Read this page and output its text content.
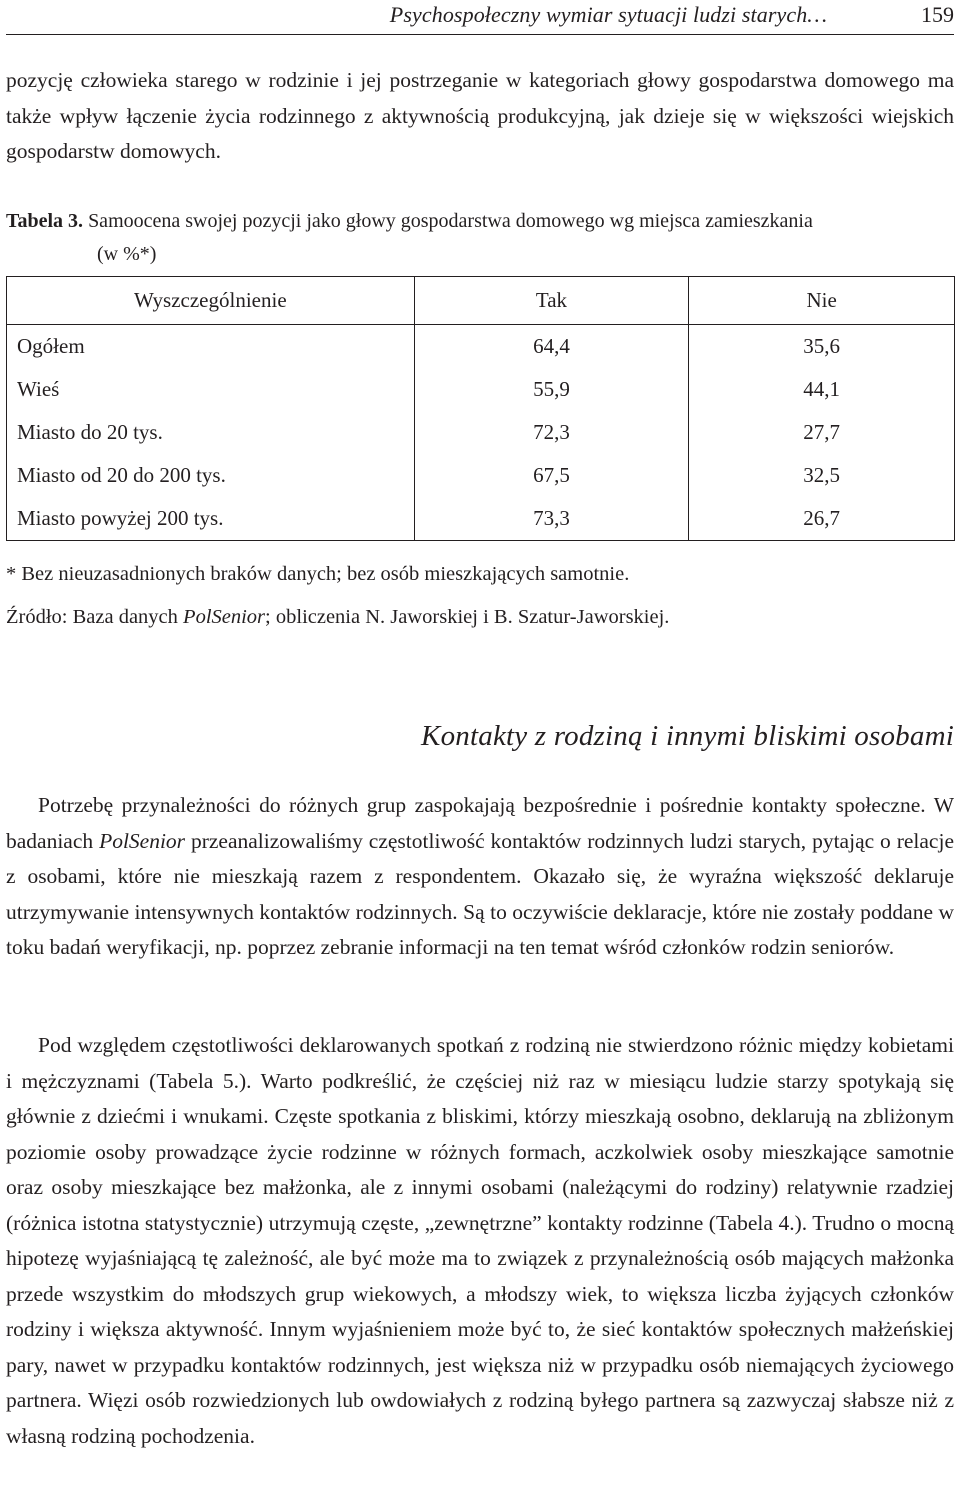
Psychospołeczny wymiar sytuacji ludzi starych…	159

pozycję człowieka starego w rodzinie i jej postrzeganie w kategoriach głowy gospodarstwa domowego ma także wpływ łączenie życia rodzinnego z aktywnością produkcyjną, jak dzieje się w większości wiejskich gospodarstw domowych.

Tabela 3. Samoocena swojej pozycji jako głowy gospodarstwa domowego wg miejsca zamieszkania
(w %*)
Wyszczególnienie	Tak	Nie
Ogółem	64,4	35,6
Wieś	55,9	44,1
Miasto do 20 tys.	72,3	27,7
Miasto od 20 do 200 tys.	67,5	32,5
Miasto powyżej 200 tys.	73,3	26,7
* Bez nieuzasadnionych braków danych; bez osób mieszkających samotnie.
Źródło: Baza danych PolSenior; obliczenia N. Jaworskiej i B. Szatur-Jaworskiej.
Kontakty z rodziną i innymi bliskimi osobami

Potrzebę przynależności do różnych grup zaspokajają bezpośrednie i pośrednie kontakty społeczne. W badaniach PolSenior przeanalizowaliśmy częstotliwość kontaktów rodzinnych ludzi starych, pytając o relacje z osobami, które nie mieszkają razem z respondentem. Okazało się, że wyraźna większość deklaruje utrzymywanie intensywnych kontaktów rodzinnych. Są to oczywiście deklaracje, które nie zostały poddane w toku badań weryfikacji, np. poprzez zebranie informacji na ten temat wśród członków rodzin seniorów.

Pod względem częstotliwości deklarowanych spotkań z rodziną nie stwierdzono różnic między kobietami i mężczyznami (Tabela 5.). Warto podkreślić, że częściej niż raz w miesiącu ludzie starzy spotykają się głównie z dziećmi i wnukami. Częste spotkania z bliskimi, którzy mieszkają osobno, deklarują na zbliżonym poziomie osoby prowadzące życie rodzinne w różnych formach, aczkolwiek osoby mieszkające samotnie oraz osoby mieszkające bez małżonka, ale z innymi osobami (należącymi do rodziny) relatywnie rzadziej (różnica istotna statystycznie) utrzymują częste, „zewnętrzne” kontakty rodzinne (Tabela 4.). Trudno o mocną hipotezę wyjaśniającą tę zależność, ale być może ma to związek z przynależnością osób mających małżonka przede wszystkim do młodszych grup wiekowych, a młodszy wiek, to większa liczba żyjących członków rodziny i większa aktywność. Innym wyjaśnieniem może być to, że sieć kontaktów społecznych małżeńskiej pary, nawet w przypadku kontaktów rodzinnych, jest większa niż w przypadku osób niemających życiowego partnera. Więzi osób rozwiedzionych lub owdowiałych z rodziną byłego partnera są zazwyczaj słabsze niż z własną rodziną pochodzenia.
